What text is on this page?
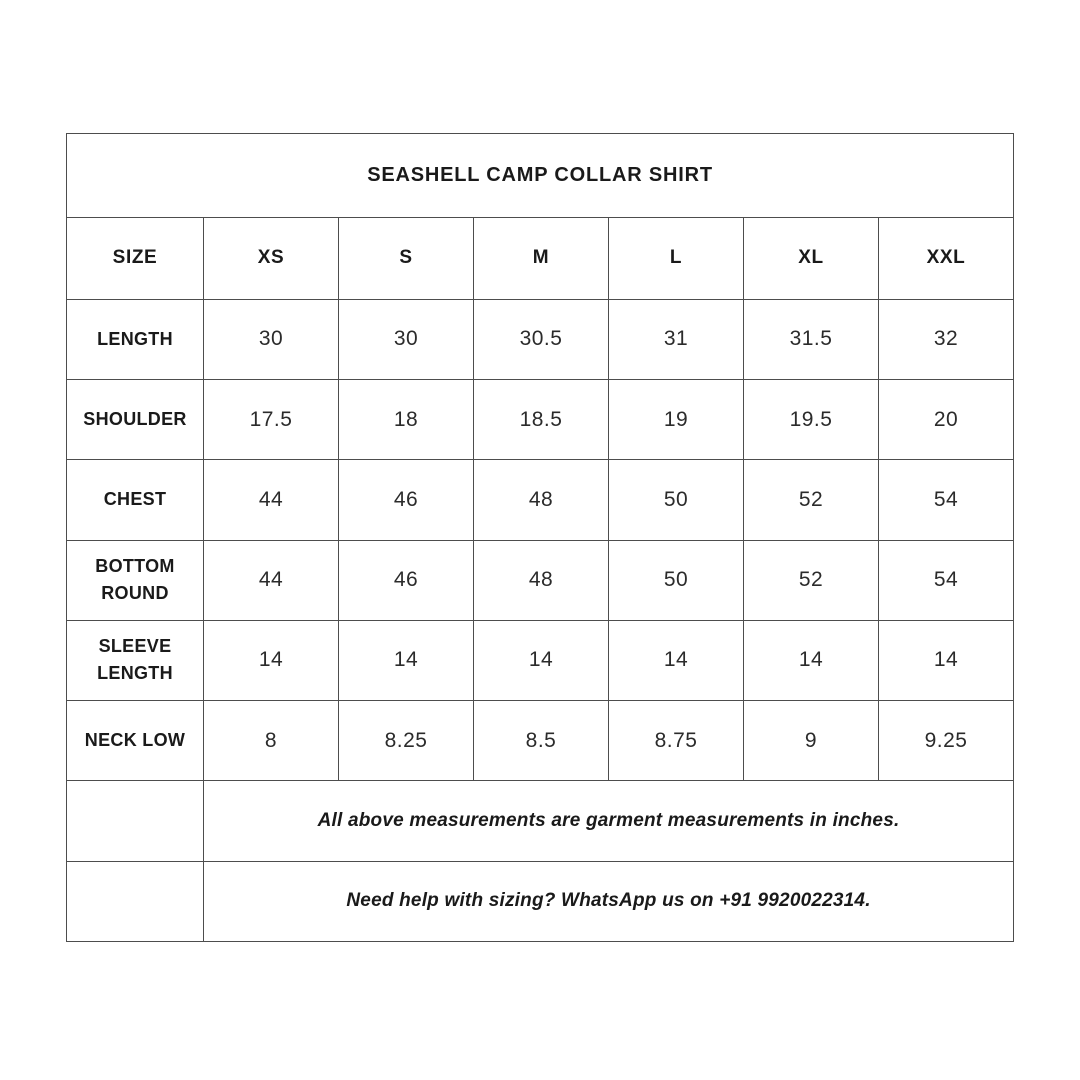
SEASHELL CAMP COLLAR SHIRT						
SIZE	XS	S	M	L	XL	XXL
LENGTH	30	30	30.5	31	31.5	32
SHOULDER	17.5	18	18.5	19	19.5	20
CHEST	44	46	48	50	52	54
BOTTOM ROUND	44	46	48	50	52	54
SLEEVE LENGTH	14	14	14	14	14	14
NECK LOW	8	8.25	8.5	8.75	9	9.25
	All above measurements are garment measurements in inches.					
	Need help with sizing? WhatsApp us on +91 9920022314.					
